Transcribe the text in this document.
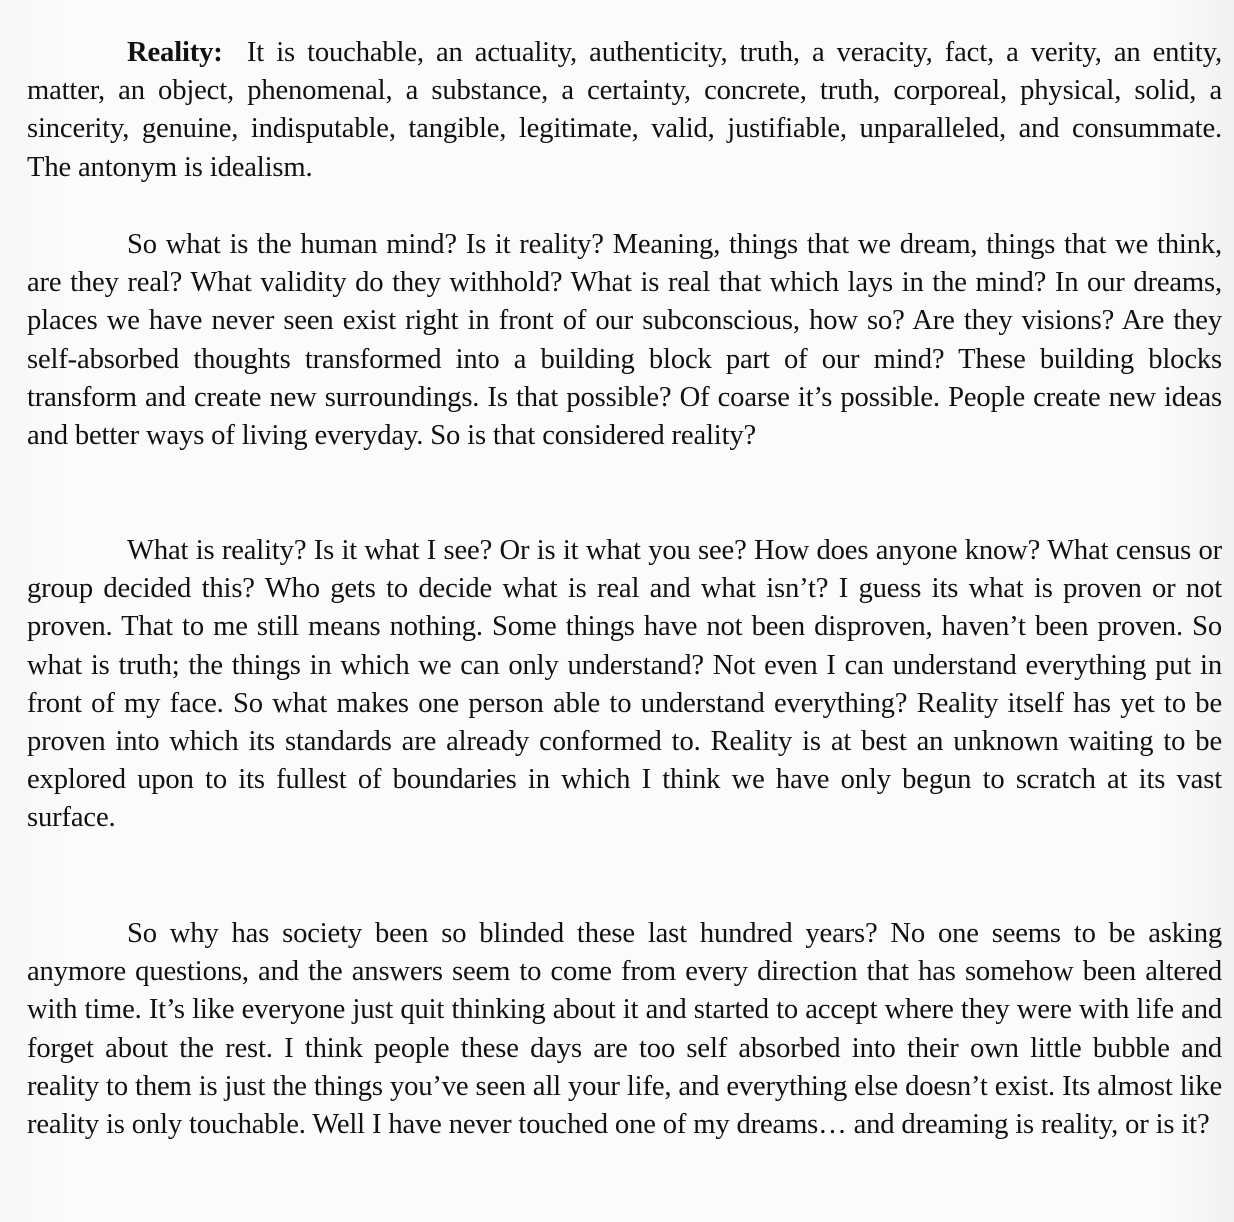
Reality: It is touchable, an actuality, authenticity, truth, a veracity, fact, a verity, an entity, matter, an object, phenomenal, a substance, a certainty, concrete, truth, corporeal, physical, solid, a sincerity, genuine, indisputable, tangible, legitimate, valid, justifiable, unparalleled, and consummate. The antonym is idealism.

So what is the human mind? Is it reality? Meaning, things that we dream, things that we think, are they real? What validity do they withhold? What is real that which lays in the mind? In our dreams, places we have never seen exist right in front of our subconscious, how so? Are they visions? Are they self-absorbed thoughts transformed into a building block part of our mind? These building blocks transform and create new surroundings. Is that possible? Of coarse it’s possible. People create new ideas and better ways of living everyday. So is that considered reality?

What is reality? Is it what I see? Or is it what you see? How does anyone know? What census or group decided this? Who gets to decide what is real and what isn’t? I guess its what is proven or not proven. That to me still means nothing. Some things have not been disproven, haven’t been proven. So what is truth; the things in which we can only understand? Not even I can understand everything put in front of my face. So what makes one person able to understand everything? Reality itself has yet to be proven into which its standards are already conformed to. Reality is at best an unknown waiting to be explored upon to its fullest of boundaries in which I think we have only begun to scratch at its vast surface.

So why has society been so blinded these last hundred years? No one seems to be asking anymore questions, and the answers seem to come from every direction that has somehow been altered with time. It’s like everyone just quit thinking about it and started to accept where they were with life and forget about the rest. I think people these days are too self absorbed into their own little bubble and reality to them is just the things you’ve seen all your life, and everything else doesn’t exist. Its almost like reality is only touchable. Well I have never touched one of my dreams… and dreaming is reality, or is it?
